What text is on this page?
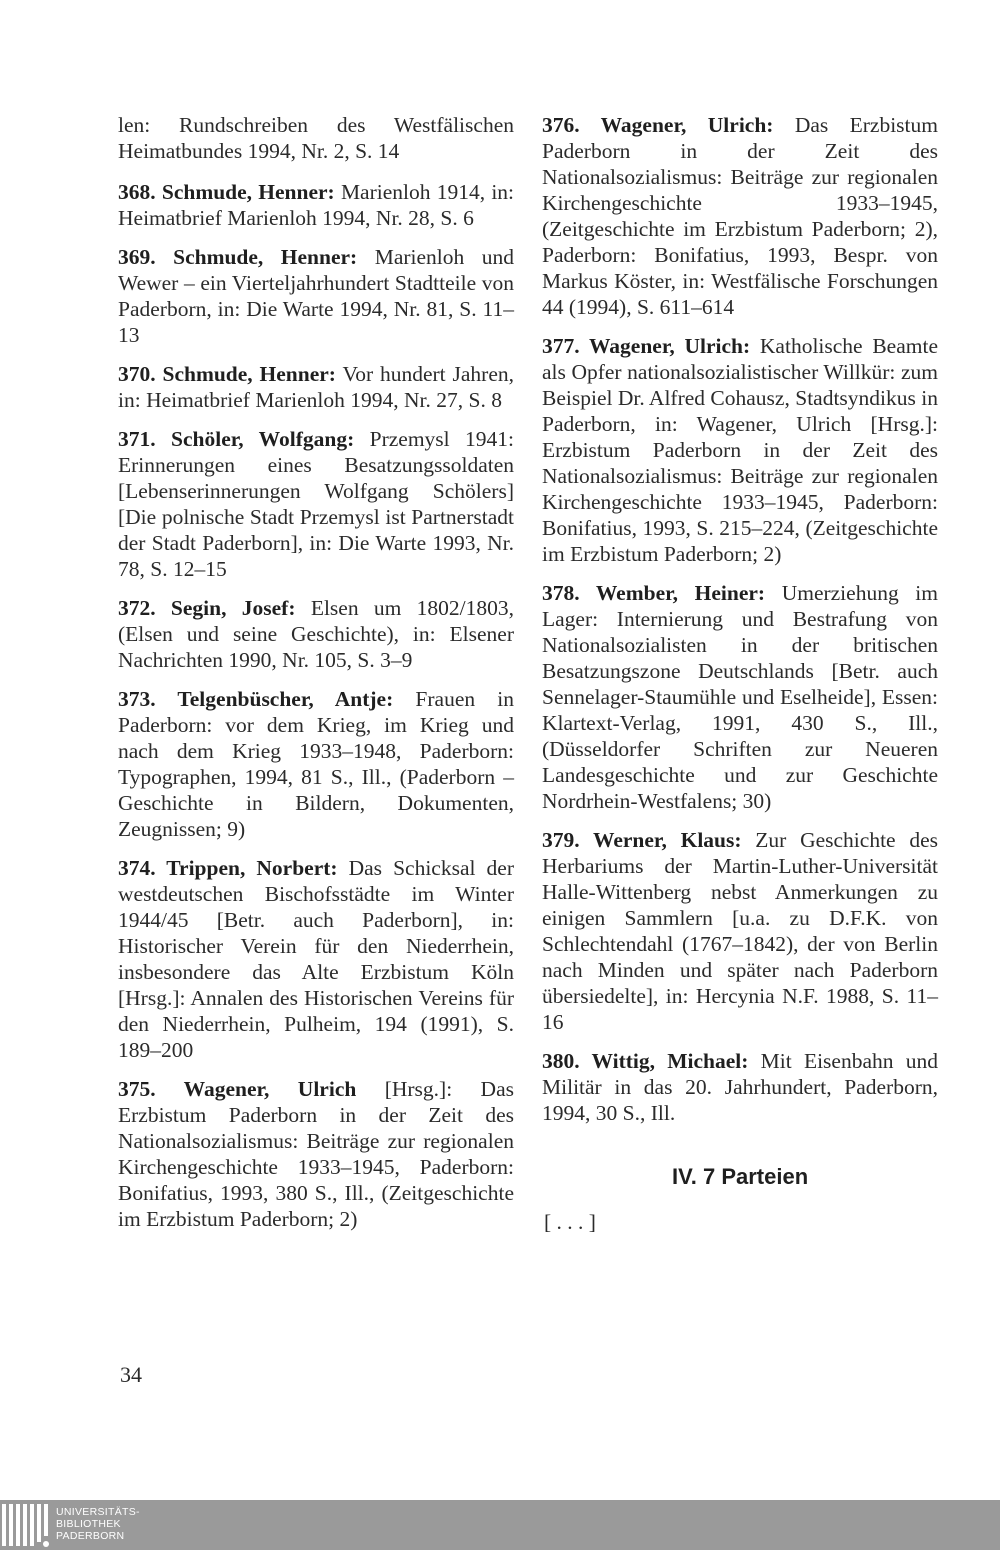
len: Rundschreiben des Westfälischen Heimatbundes 1994, Nr. 2, S. 14

368. Schmude, Henner: Marienloh 1914, in: Heimatbrief Marienloh 1994, Nr. 28, S. 6

369. Schmude, Henner: Marienloh und Wewer – ein Vierteljahrhundert Stadtteile von Paderborn, in: Die Warte 1994, Nr. 81, S. 11–13

370. Schmude, Henner: Vor hundert Jahren, in: Heimatbrief Marienloh 1994, Nr. 27, S. 8

371. Schöler, Wolfgang: Przemysl 1941: Erinnerungen eines Besatzungssoldaten [Lebenserinnerungen Wolfgang Schölers] [Die polnische Stadt Przemysl ist Partnerstadt der Stadt Paderborn], in: Die Warte 1993, Nr. 78, S. 12–15

372. Segin, Josef: Elsen um 1802/1803, (Elsen und seine Geschichte), in: Elsener Nachrichten 1990, Nr. 105, S. 3–9

373. Telgenbüscher, Antje: Frauen in Paderborn: vor dem Krieg, im Krieg und nach dem Krieg 1933–1948, Paderborn: Typographen, 1994, 81 S., Ill., (Paderborn – Geschichte in Bildern, Dokumenten, Zeugnissen; 9)

374. Trippen, Norbert: Das Schicksal der westdeutschen Bischofsstädte im Winter 1944/45 [Betr. auch Paderborn], in: Historischer Verein für den Niederrhein, insbesondere das Alte Erzbistum Köln [Hrsg.]: Annalen des Historischen Vereins für den Niederrhein, Pulheim, 194 (1991), S. 189–200

375. Wagener, Ulrich [Hrsg.]: Das Erzbistum Paderborn in der Zeit des Nationalsozialismus: Beiträge zur regionalen Kirchengeschichte 1933–1945, Paderborn: Bonifatius, 1993, 380 S., Ill., (Zeitgeschichte im Erzbistum Paderborn; 2)

376. Wagener, Ulrich: Das Erzbistum Paderborn in der Zeit des Nationalsozialismus: Beiträge zur regionalen Kirchengeschichte 1933–1945, (Zeitgeschichte im Erzbistum Paderborn; 2), Paderborn: Bonifatius, 1993, Bespr. von Markus Köster, in: Westfälische Forschungen 44 (1994), S. 611–614

377. Wagener, Ulrich: Katholische Beamte als Opfer nationalsozialistischer Willkür: zum Beispiel Dr. Alfred Cohausz, Stadtsyndikus in Paderborn, in: Wagener, Ulrich [Hrsg.]: Erzbistum Paderborn in der Zeit des Nationalsozialismus: Beiträge zur regionalen Kirchengeschichte 1933–1945, Paderborn: Bonifatius, 1993, S. 215–224, (Zeitgeschichte im Erzbistum Paderborn; 2)

378. Wember, Heiner: Umerziehung im Lager: Internierung und Bestrafung von Nationalsozialisten in der britischen Besatzungszone Deutschlands [Betr. auch Sennelager-Staumühle und Eselheide], Essen: Klartext-Verlag, 1991, 430 S., Ill., (Düsseldorfer Schriften zur Neueren Landesgeschichte und zur Geschichte Nordrhein-Westfalens; 30)

379. Werner, Klaus: Zur Geschichte des Herbariums der Martin-Luther-Universität Halle-Wittenberg nebst Anmerkungen zu einigen Sammlern [u.a. zu D.F.K. von Schlechtendahl (1767–1842), der von Berlin nach Minden und später nach Paderborn übersiedelte], in: Hercynia N.F. 1988, S. 11–16

380. Wittig, Michael: Mit Eisenbahn und Militär in das 20. Jahrhundert, Paderborn, 1994, 30 S., Ill.

IV. 7 Parteien
[ . . . ]
34
UNIVERSITÄTS-
BIBLIOTHEK
PADERBORN
